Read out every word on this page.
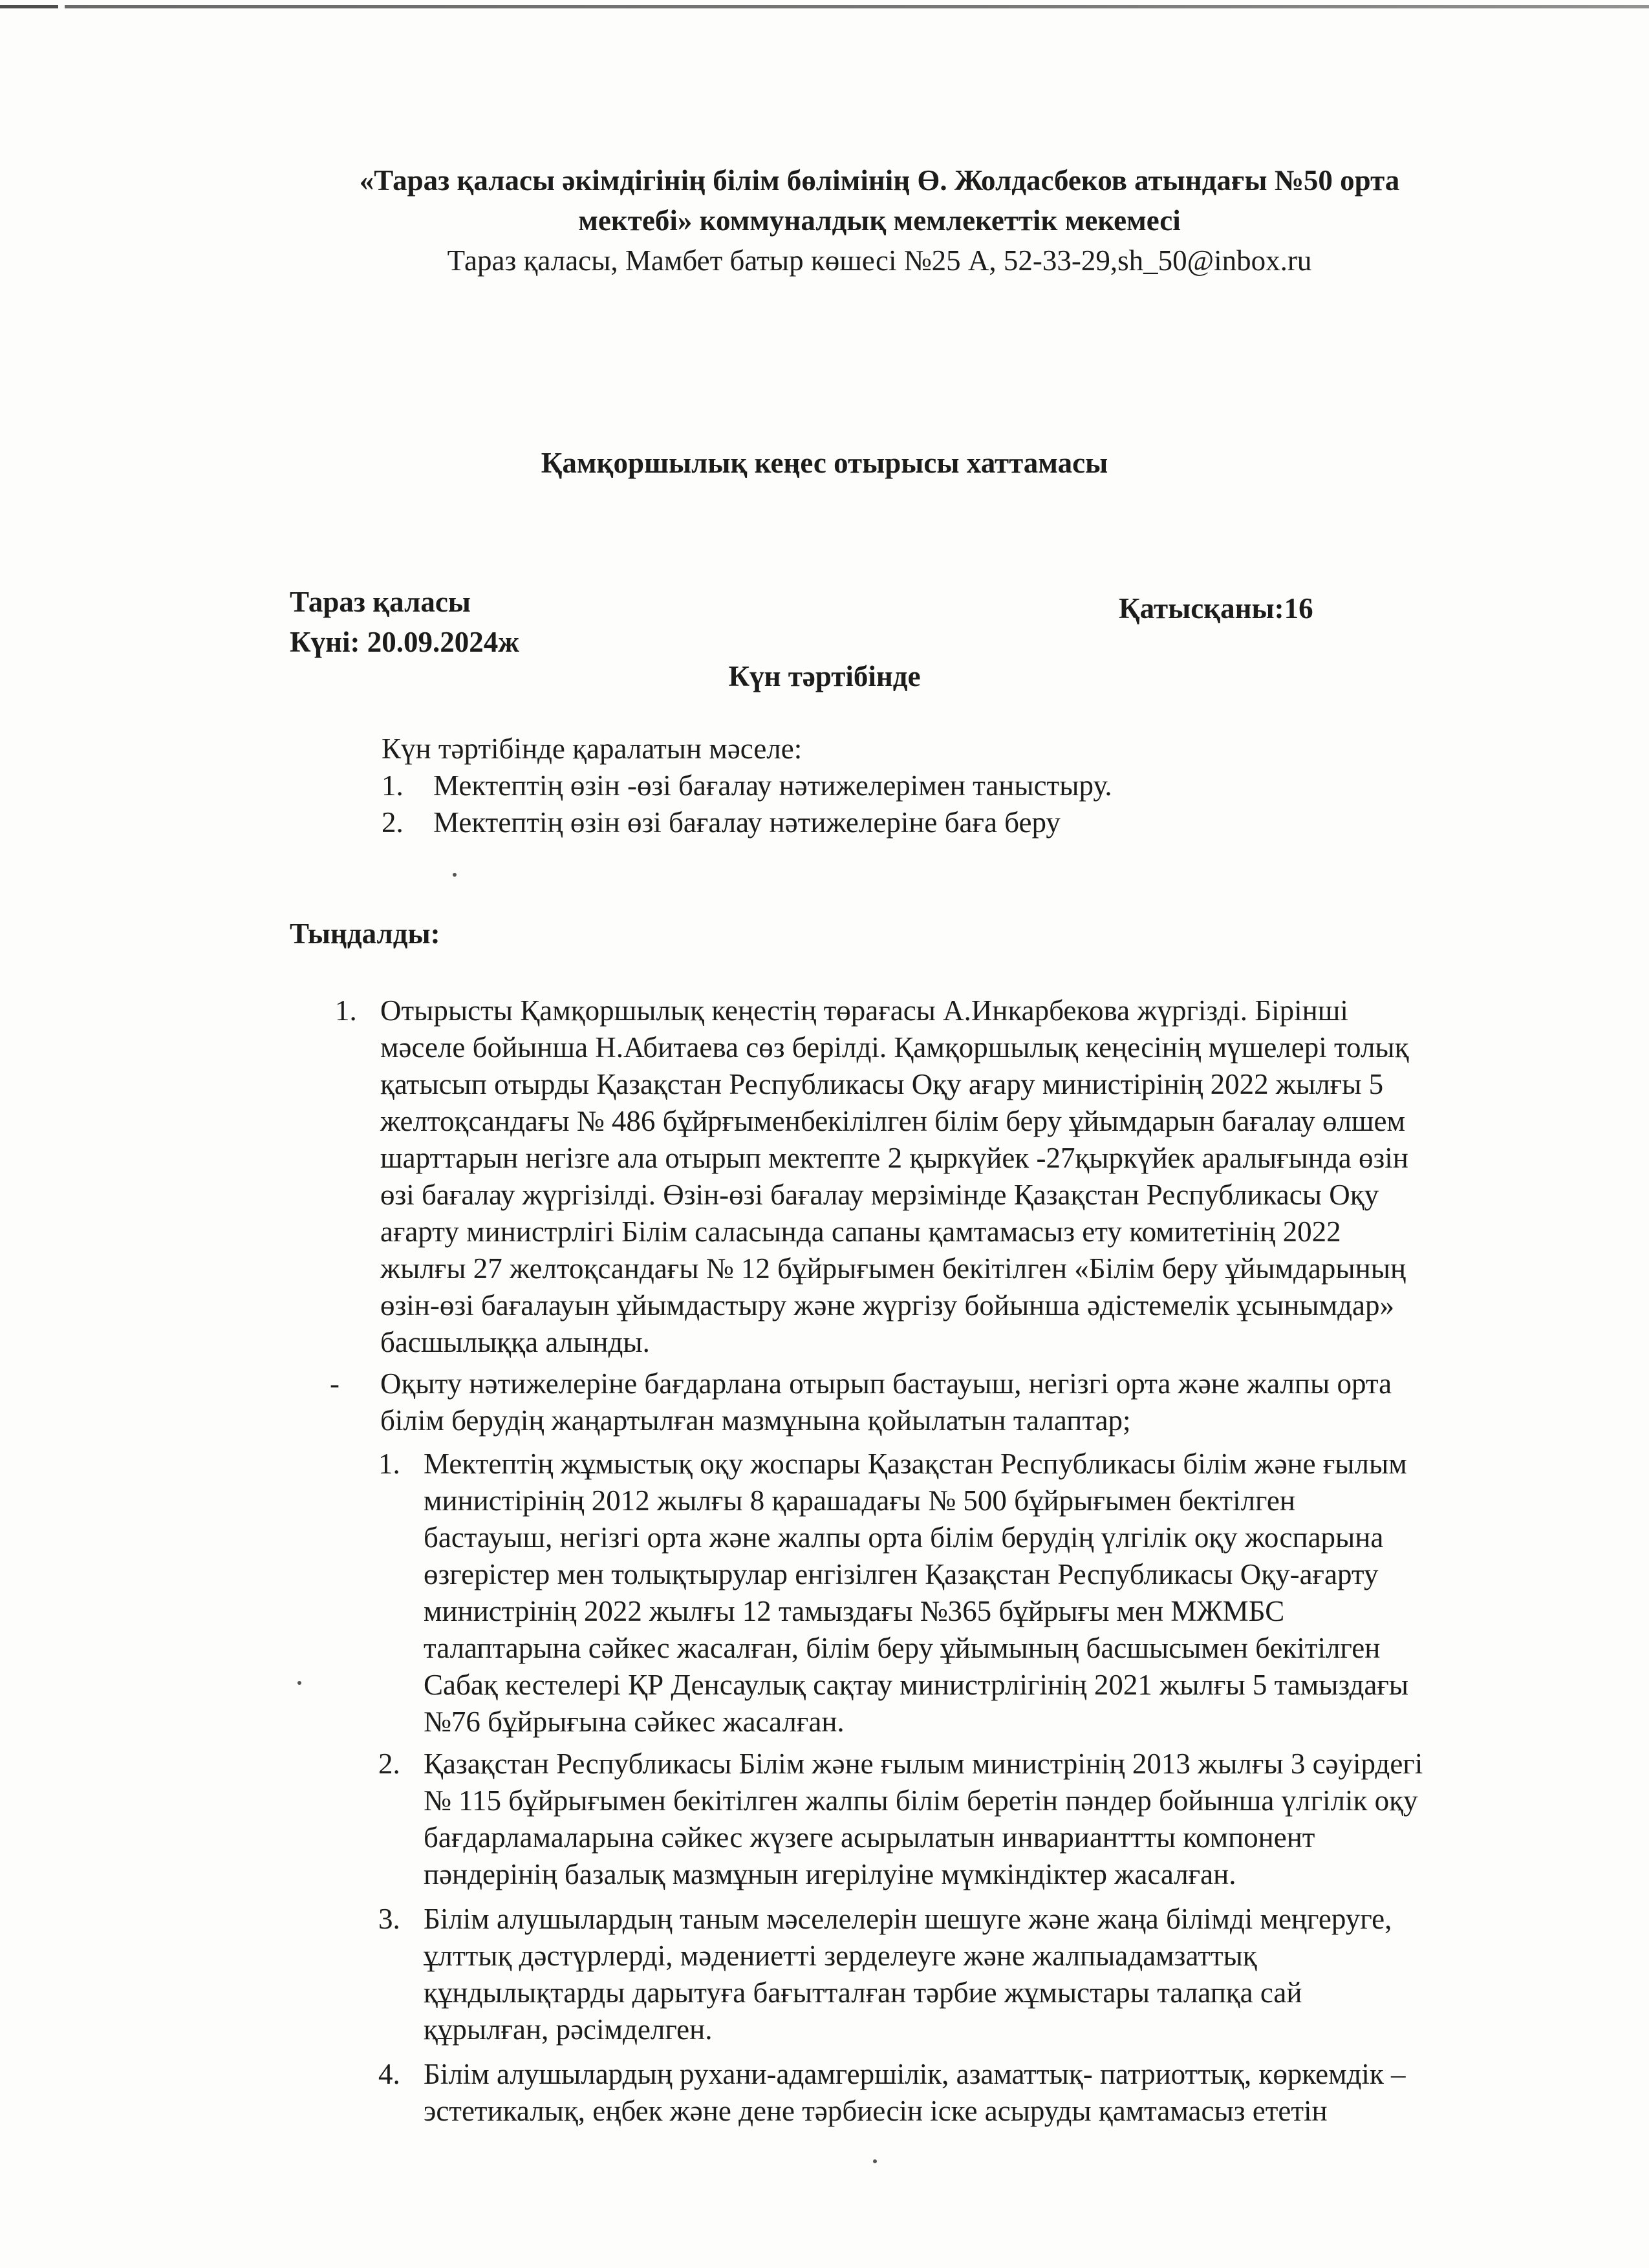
«Тараз қаласы әкімдігінің білім бөлімінің Ө. Жолдасбеков атындағы №50 орта
мектебі» коммуналдық мемлекеттік мекемесі
Тараз қаласы, Мамбет батыр көшесі №25 А, 52-33-29,sh_50@inbox.ru
Қамқоршылық кеңес отырысы хаттамасы
Тараз қаласы
Күні: 20.09.2024ж
Қатысқаны:16
Күн тәртібінде
Күн тәртібінде қаралатын мәселе:
1. Мектептің өзін -өзі бағалау нәтижелерімен таныстыру.
2. Мектептің өзін өзі бағалау нәтижелеріне баға беру
Тыңдалды:
1. Отырысты Қамқоршылық кеңестің төрағасы А.Инкарбекова жүргізді. Бірінші
мәселе бойынша Н.Абитаева сөз берілді. Қамқоршылық кеңесінің мүшелері толық
қатысып отырды Қазақстан Республикасы Оқу ағару министірінің 2022 жылғы 5
желтоқсандағы № 486 бұйрғыменбекілілген білім беру ұйымдарын бағалау өлшем
шарттарын негізге ала отырып мектепте 2 қыркүйек -27қыркүйек аралығында өзін
өзі бағалау жүргізілді. Өзін-өзі бағалау мерзімінде Қазақстан Республикасы Оқу
ағарту министрлігі Білім саласында сапаны қамтамасыз ету комитетінің 2022
жылғы 27 желтоқсандағы № 12 бұйрығымен бекітілген «Білім беру ұйымдарының
өзін-өзі бағалауын ұйымдастыру және жүргізу бойынша әдістемелік ұсынымдар»
басшылыққа алынды.
- Оқыту нәтижелеріне бағдарлана отырып бастауыш, негізгі орта және жалпы орта
білім берудің жаңартылған мазмұнына қойылатын талаптар;
1. Мектептің жұмыстық оқу жоспары Қазақстан Республикасы білім және ғылым
министірінің 2012 жылғы 8 қарашадағы № 500 бұйрығымен бектілген
бастауыш, негізгі орта және жалпы орта білім берудің үлгілік оқу жоспарына
өзгерістер мен толықтырулар енгізілген Қазақстан Республикасы Оқу-ағарту
министрінің 2022 жылғы 12 тамыздағы №365 бұйрығы мен МЖМБС
талаптарына сәйкес жасалған, білім беру ұйымының басшысымен бекітілген
Сабақ кестелері ҚР Денсаулық сақтау министрлігінің 2021 жылғы 5 тамыздағы
№76 бұйрығына сәйкес жасалған.
2. Қазақстан Республикасы Білім және ғылым министрінің 2013 жылғы 3 сәуірдегі
№ 115 бұйрығымен бекітілген жалпы білім беретін пәндер бойынша үлгілік оқу
бағдарламаларына сәйкес жүзеге асырылатын инварианттты компонент
пәндерінің базалық мазмұнын игерілуіне мүмкіндіктер жасалған.
3. Білім алушылардың таным мәселелерін шешуге және жаңа білімді меңгеруге,
ұлттық дәстүрлерді, мәдениетті зерделеуге және жалпыадамзаттық
құндылықтарды дарытуға бағытталған тәрбие жұмыстары талапқа сай
құрылған, рәсімделген.
4. Білім алушылардың рухани-адамгершілік, азаматтық- патриоттық, көркемдік –
эстетикалық, еңбек және дене тәрбиесін іске асыруды қамтамасыз ететін
